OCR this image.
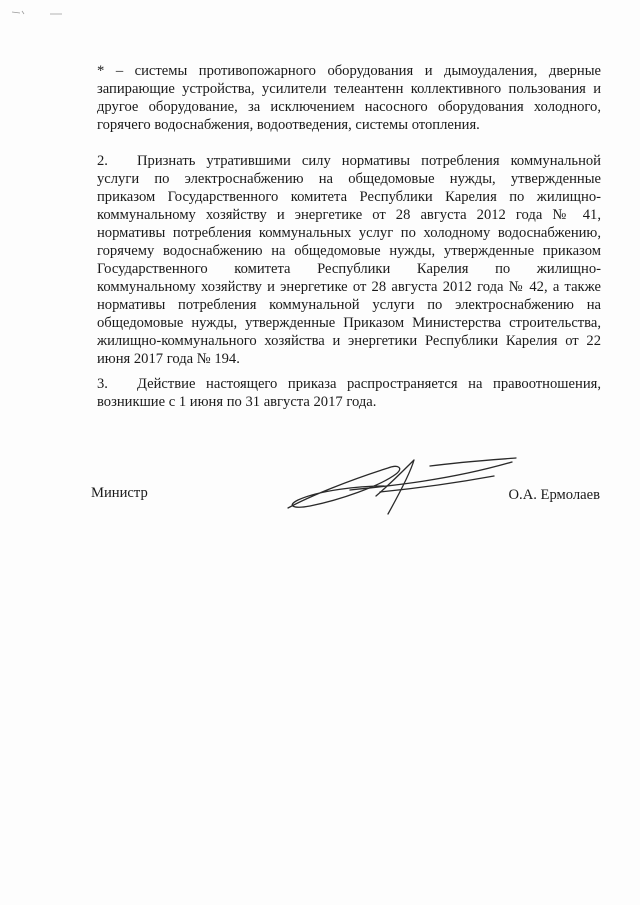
* – системы противопожарного оборудования и дымоудаления, дверные
запирающие устройства, усилители телеантенн коллективного пользования и
другое оборудование, за исключением насосного оборудования холодного,
горячего водоснабжения, водоотведения, системы отопления.
2. Признать утратившими силу нормативы потребления коммунальной
услуги по электроснабжению на общедомовые нужды, утвержденные
приказом Государственного комитета Республики Карелия по жилищно-
коммунальному хозяйству и энергетике от 28 августа 2012 года № 41,
нормативы потребления коммунальных услуг по холодному водоснабжению,
горячему водоснабжению на общедомовые нужды, утвержденные приказом
Государственного комитета Республики Карелия по жилищно-
коммунальному хозяйству и энергетике от 28 августа 2012 года № 42, а также
нормативы потребления коммунальной услуги по электроснабжению на
общедомовые нужды, утвержденные Приказом Министерства строительства,
жилищно-коммунального хозяйства и энергетики Республики Карелия от 22
июня 2017 года № 194.
3. Действие настоящего приказа распространяется на правоотношения,
возникшие с 1 июня по 31 августа 2017 года.
Министр	О.А. Ермолаев
